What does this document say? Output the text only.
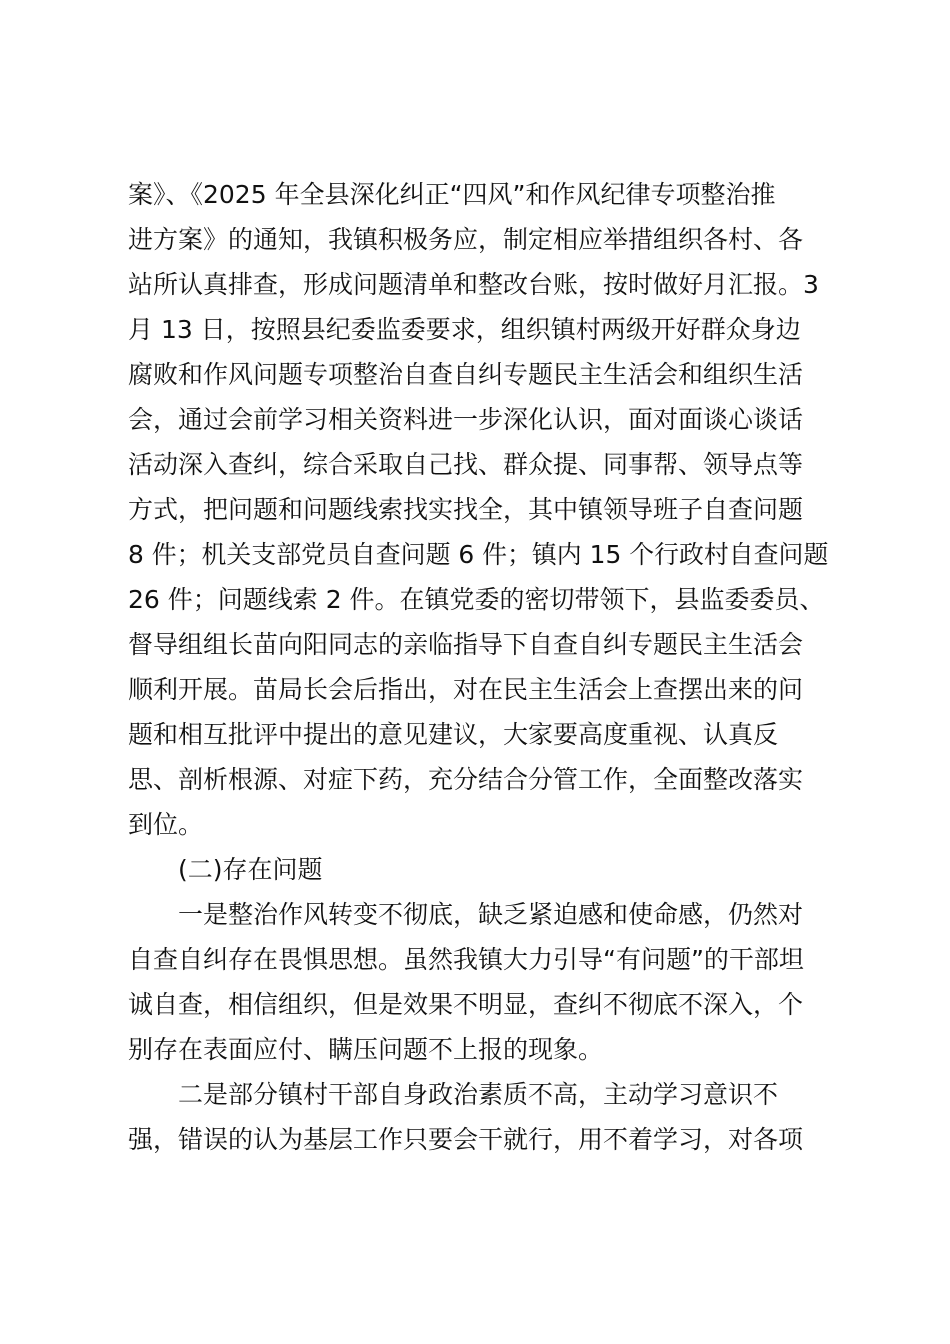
案》、《2025 年全县深化纠正“四风”和作风纪律专项整治推
进方案》的通知，我镇积极务应，制定相应举措组织各村、各
站所认真排查，形成问题清单和整改台账，按时做好月汇报。3
月 13 日，按照县纪委监委要求，组织镇村两级开好群众身边
腐败和作风问题专项整治自查自纠专题民主生活会和组织生活
会，通过会前学习相关资料进一步深化认识，面对面谈心谈话
活动深入查纠，综合采取自己找、群众提、同事帮、领导点等
方式，把问题和问题线索找实找全，其中镇领导班子自查问题
8 件；机关支部党员自查问题 6 件；镇内 15 个行政村自查问题
26 件；问题线索 2 件。在镇党委的密切带领下，县监委委员、
督导组组长苗向阳同志的亲临指导下自查自纠专题民主生活会
顺利开展。苗局长会后指出，对在民主生活会上查摆出来的问
题和相互批评中提出的意见建议，大家要高度重视、认真反
思、剖析根源、对症下药，充分结合分管工作，全面整改落实
到位。
(二)存在问题
一是整治作风转变不彻底，缺乏紧迫感和使命感，仍然对
自查自纠存在畏惧思想。虽然我镇大力引导“有问题”的干部坦
诚自查，相信组织，但是效果不明显，查纠不彻底不深入，个
别存在表面应付、瞒压问题不上报的现象。
二是部分镇村干部自身政治素质不高，主动学习意识不
强，错误的认为基层工作只要会干就行，用不着学习，对各项
